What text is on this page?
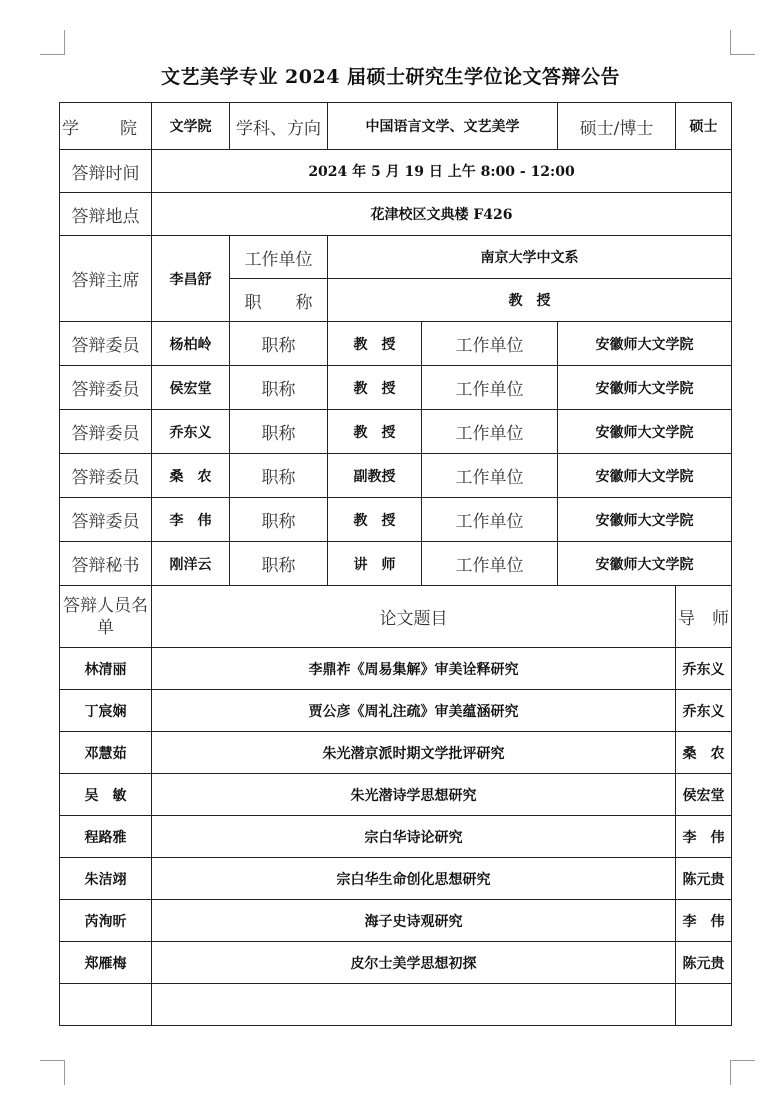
文艺美学专业 2024 届硕士研究生学位论文答辩公告
学　院	文学院	学科、方向	中国语言文学、文艺美学		硕士/博士	硕士
答辩时间	2024 年 5 月 19 日 上午 8:00 - 12:00					
答辩地点	花津校区文典楼 F426					
答辩主席	李昌舒	工作单位	南京大学中文系			
		职　　称	教　授			
答辩委员	杨柏岭	职称	教　授	工作单位	安徽师大文学院	
答辩委员	侯宏堂	职称	教　授	工作单位	安徽师大文学院	
答辩委员	乔东义	职称	教　授	工作单位	安徽师大文学院	
答辩委员	桑　农	职称	副教授	工作单位	安徽师大文学院	
答辩委员	李　伟	职称	教　授	工作单位	安徽师大文学院	
答辩秘书	刚洋云	职称	讲　师	工作单位	安徽师大文学院	
答辩人员名单	论文题目					导　师
林清丽	李鼎祚《周易集解》审美诠释研究					乔东义
丁宸娴	贾公彦《周礼注疏》审美蕴涵研究					乔东义
邓慧茹	朱光潜京派时期文学批评研究					桑　农
吴　敏	朱光潜诗学思想研究					侯宏堂
程路雅	宗白华诗论研究					李　伟
朱洁翊	宗白华生命创化思想研究					陈元贵
芮洵昕	海子史诗观研究					李　伟
郑雁梅	皮尔士美学思想初探					陈元贵
